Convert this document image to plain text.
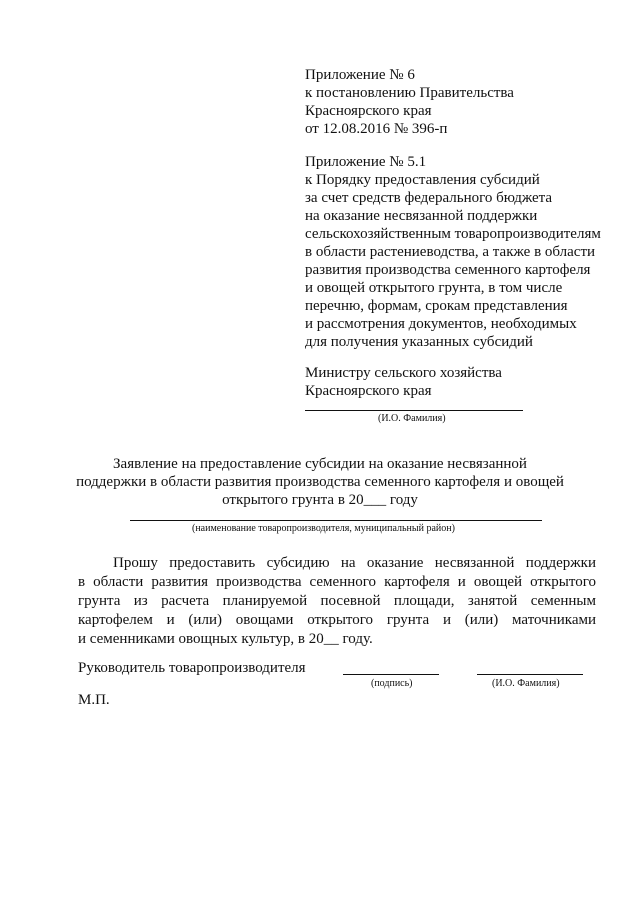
Приложение № 6
к постановлению Правительства
Красноярского края
от 12.08.2016 № 396-п
Приложение № 5.1
к Порядку предоставления субсидий
за счет средств федерального бюджета
на оказание несвязанной поддержки
сельскохозяйственным товаропроизводителям
в области растениеводства, а также в области
развития производства семенного картофеля
и овощей открытого грунта, в том числе
перечню, формам, срокам представления
и рассмотрения документов, необходимых
для получения указанных субсидий
Министру сельского хозяйства
Красноярского края
(И.О. Фамилия)
Заявление на предоставление субсидии на оказание несвязанной
поддержки в области развития производства семенного картофеля и овощей
открытого грунта в 20___ году
(наименование товаропроизводителя, муниципальный район)
Прошу предоставить субсидию на оказание несвязанной поддержки
в области развития производства семенного картофеля и овощей открытого
грунта из расчета планируемой посевной площади, занятой семенным
картофелем и (или) овощами открытого грунта и (или) маточниками
и семенниками овощных культур, в 20__ году.
Руководитель товаропроизводителя
(подпись)	(И.О. Фамилия)
М.П.
